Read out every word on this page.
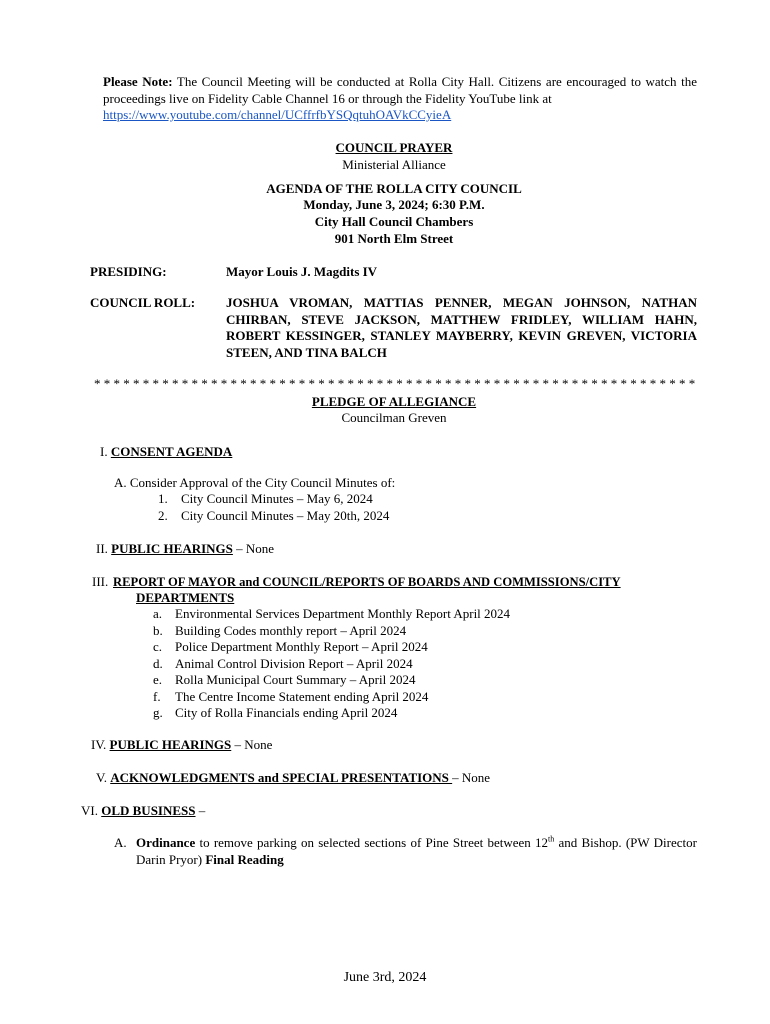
Please Note: The Council Meeting will be conducted at Rolla City Hall. Citizens are encouraged to watch the proceedings live on Fidelity Cable Channel 16 or through the Fidelity YouTube link at
https://www.youtube.com/channel/UCffrfbYSQqtuhOAVkCCyieA
COUNCIL PRAYER
Ministerial Alliance
AGENDA OF THE ROLLA CITY COUNCIL
Monday, June 3, 2024; 6:30 P.M.
City Hall Council Chambers
901 North Elm Street
PRESIDING:	Mayor Louis J. Magdits IV
COUNCIL ROLL: JOSHUA VROMAN, MATTIAS PENNER, MEGAN JOHNSON, NATHAN CHIRBAN, STEVE JACKSON, MATTHEW FRIDLEY, WILLIAM HAHN, ROBERT KESSINGER, STANLEY MAYBERRY, KEVIN GREVEN, VICTORIA STEEN, AND TINA BALCH
* * * * * * * * * * * * * * * * * * * * * * * * * * * * * * * * * * * * * * * * * * * * * * * * * * * * * * * * * * * * * *
PLEDGE OF ALLEGIANCE
Councilman Greven
I. CONSENT AGENDA
A. Consider Approval of the City Council Minutes of:
1. City Council Minutes – May 6, 2024
2. City Council Minutes – May 20th, 2024
II. PUBLIC HEARINGS – None
III. REPORT OF MAYOR and COUNCIL/REPORTS OF BOARDS AND COMMISSIONS/CITY
DEPARTMENTS
a. Environmental Services Department Monthly Report April 2024
b. Building Codes monthly report – April 2024
c. Police Department Monthly Report – April 2024
d. Animal Control Division Report – April 2024
e. Rolla Municipal Court Summary – April 2024
f. The Centre Income Statement ending April 2024
g. City of Rolla Financials ending April 2024
IV. PUBLIC HEARINGS – None
V. ACKNOWLEDGMENTS and SPECIAL PRESENTATIONS – None
VI. OLD BUSINESS –
A. Ordinance to remove parking on selected sections of Pine Street between 12th and Bishop. (PW Director Darin Pryor) Final Reading
June 3rd, 2024
